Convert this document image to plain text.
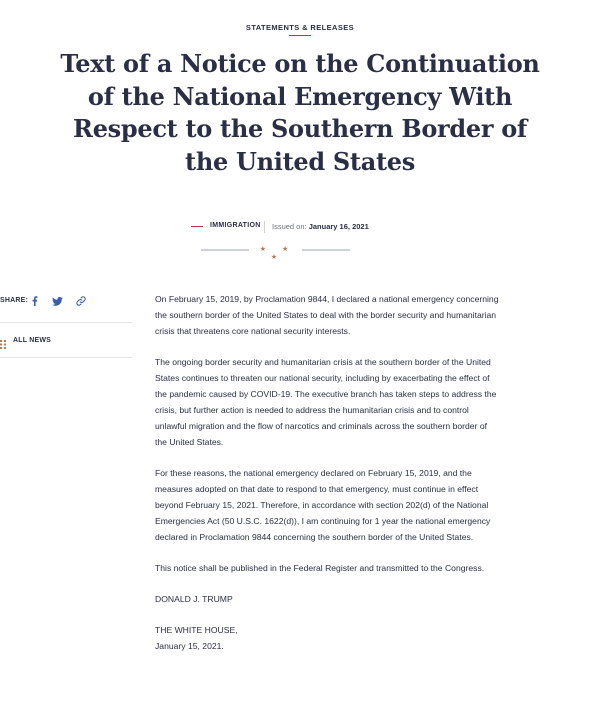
STATEMENTS & RELEASES
Text of a Notice on the Continuation of the National Emergency With Respect to the Southern Border of the United States
IMMIGRATION Issued on: January 16, 2021
★ ★ ★
SHARE:
ALL NEWS

On February 15, 2019, by Proclamation 9844, I declared a national emergency concerning the southern border of the United States to deal with the border security and humanitarian crisis that threatens core national security interests.

The ongoing border security and humanitarian crisis at the southern border of the United States continues to threaten our national security, including by exacerbating the effect of the pandemic caused by COVID-19. The executive branch has taken steps to address the crisis, but further action is needed to address the humanitarian crisis and to control unlawful migration and the flow of narcotics and criminals across the southern border of the United States.

For these reasons, the national emergency declared on February 15, 2019, and the measures adopted on that date to respond to that emergency, must continue in effect beyond February 15, 2021. Therefore, in accordance with section 202(d) of the National Emergencies Act (50 U.S.C. 1622(d)), I am continuing for 1 year the national emergency declared in Proclamation 9844 concerning the southern border of the United States.

This notice shall be published in the Federal Register and transmitted to the Congress.

DONALD J. TRUMP

THE WHITE HOUSE,
January 15, 2021.
